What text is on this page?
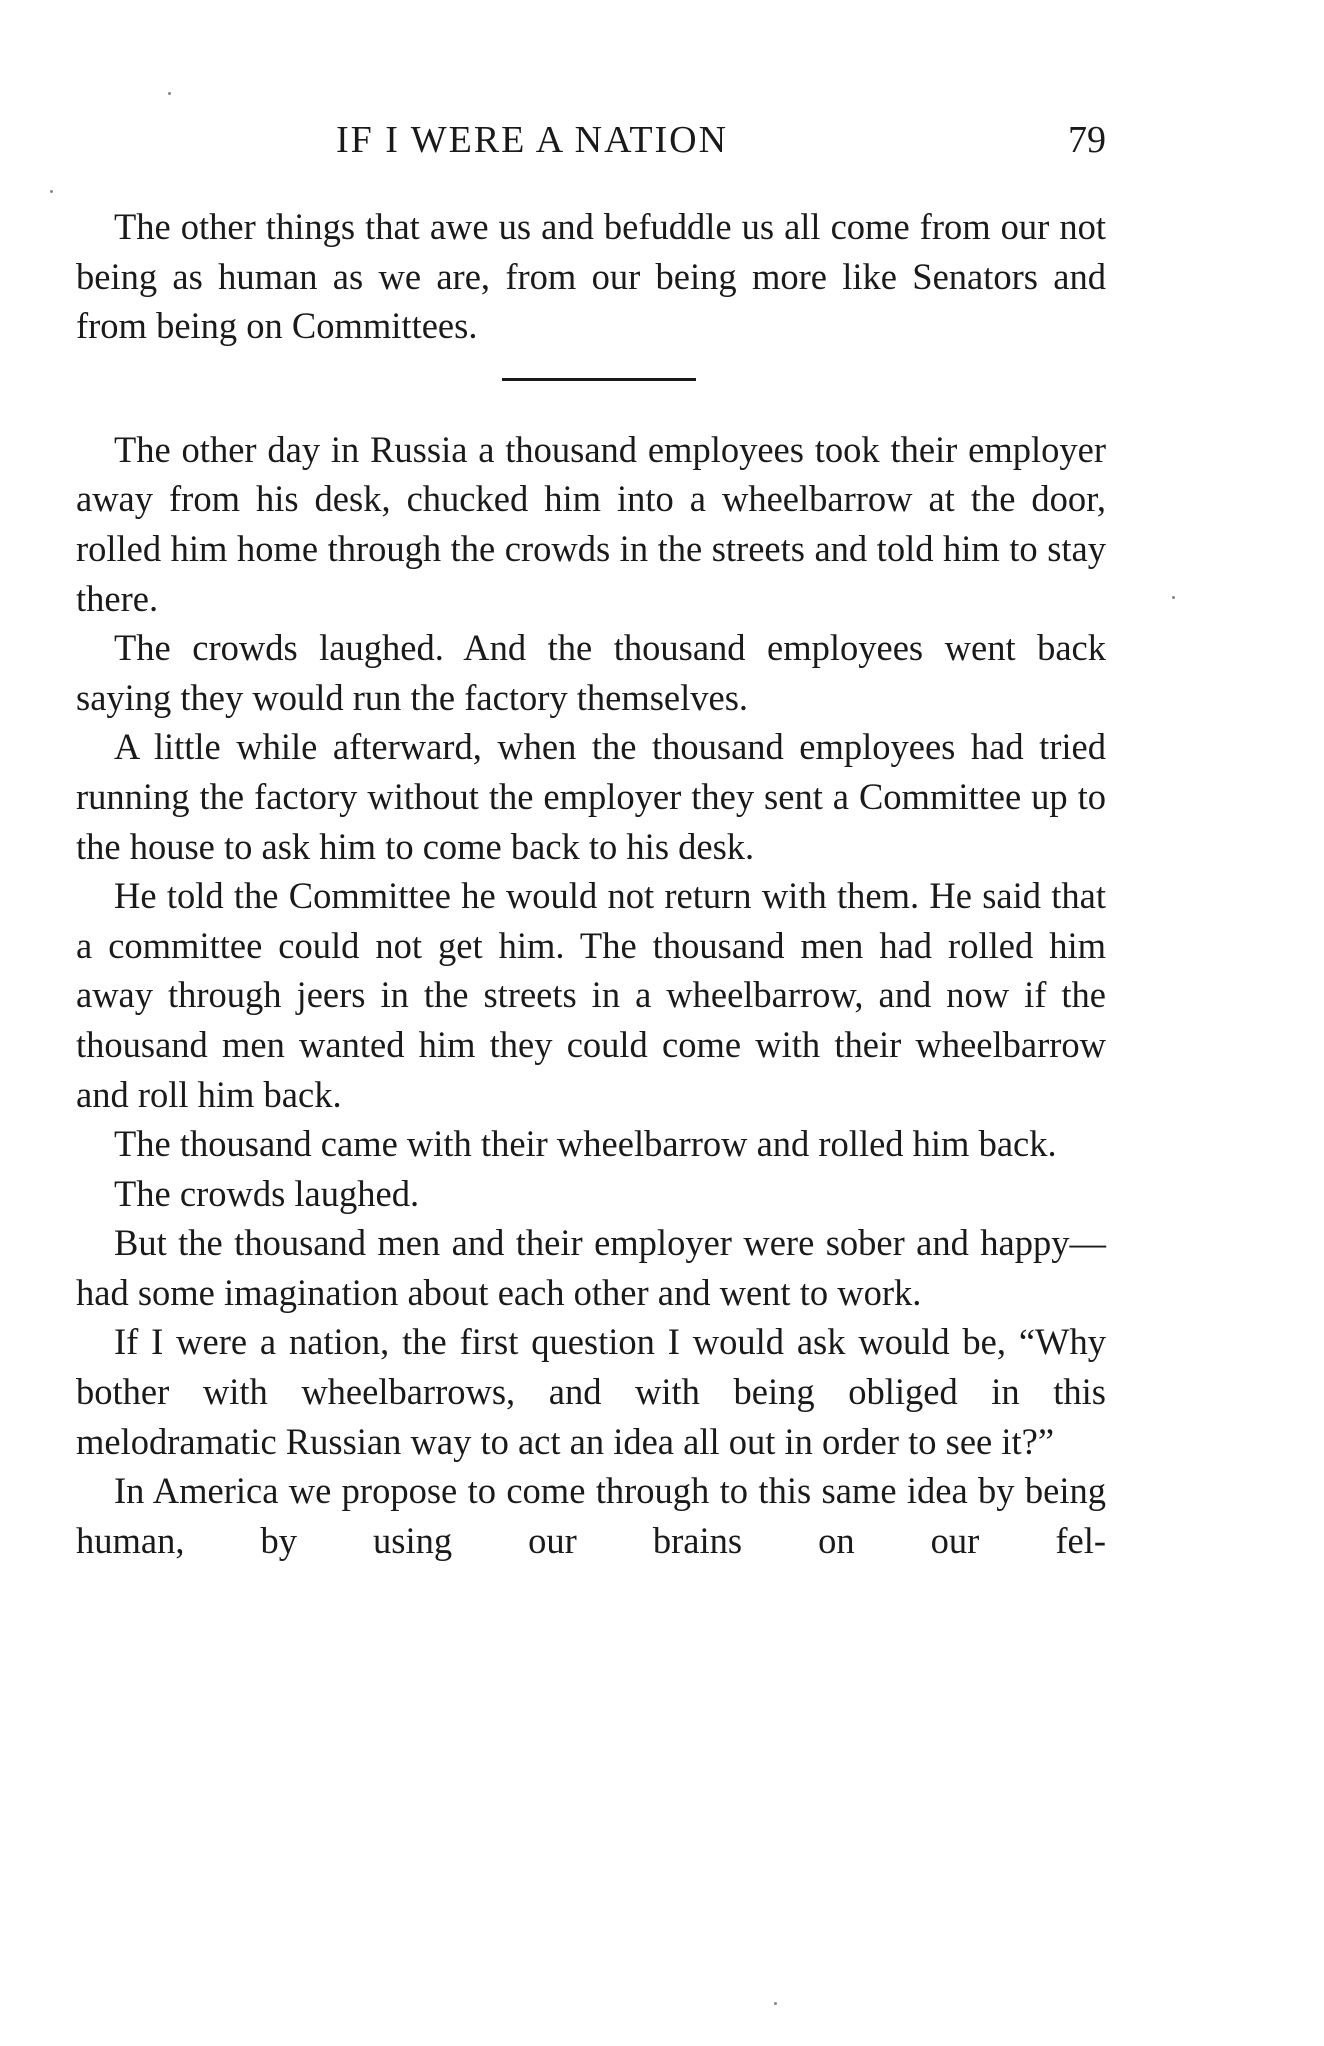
IF I WERE A NATION	79

The other things that awe us and befuddle us all come from our not being as human as we are, from our being more like Senators and from being on Committees.

The other day in Russia a thousand employees took their employer away from his desk, chucked him into a wheelbarrow at the door, rolled him home through the crowds in the streets and told him to stay there.

The crowds laughed. And the thousand employees went back saying they would run the factory themselves.

A little while afterward, when the thousand employees had tried running the factory without the employer they sent a Committee up to the house to ask him to come back to his desk.

He told the Committee he would not return with them. He said that a committee could not get him. The thousand men had rolled him away through jeers in the streets in a wheelbarrow, and now if the thousand men wanted him they could come with their wheelbarrow and roll him back.

The thousand came with their wheelbarrow and rolled him back.

The crowds laughed.

But the thousand men and their employer were sober and happy—had some imagination about each other and went to work.

If I were a nation, the first question I would ask would be, “Why bother with wheelbarrows, and with being obliged in this melodramatic Russian way to act an idea all out in order to see it?”

In America we propose to come through to this same idea by being human, by using our brains on our fel-
